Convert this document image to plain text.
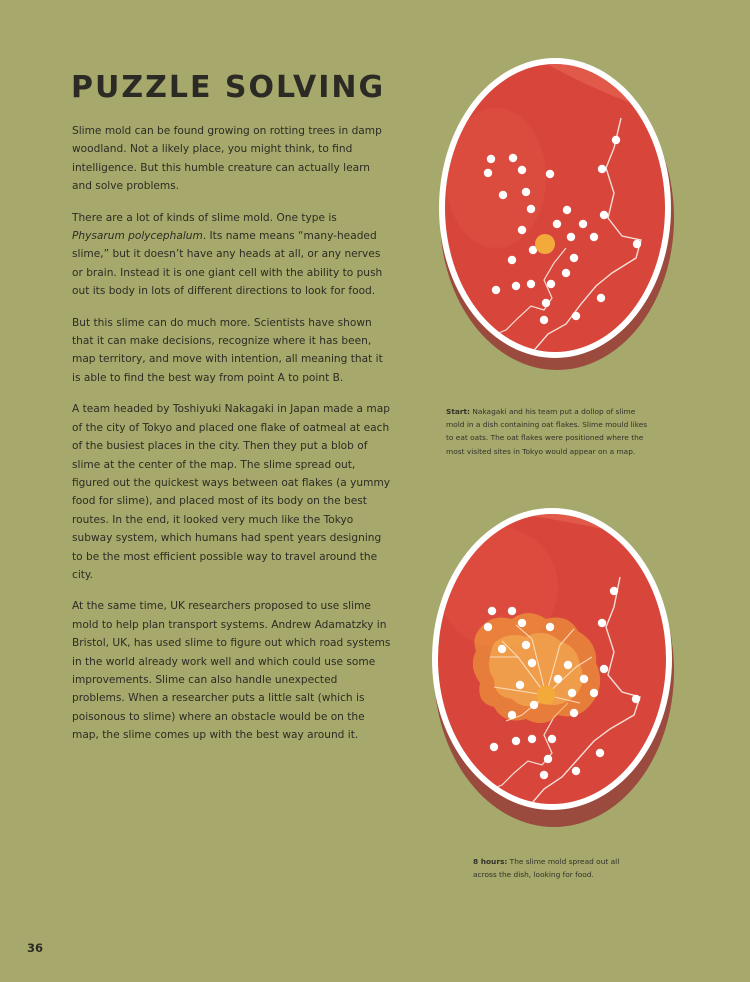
PUZZLE SOLVING

Slime mold can be found growing on rotting trees in damp woodland. Not a likely place, you might think, to find intelligence. But this humble creature can actually learn and solve problems.

There are a lot of kinds of slime mold. One type is Physarum polycephalum. Its name means “many-headed slime,” but it doesn’t have any heads at all, or any nerves or brain. Instead it is one giant cell with the ability to push out its body in lots of different directions to look for food.

But this slime can do much more. Scientists have shown that it can make decisions, recognize where it has been, map territory, and move with intention, all meaning that it is able to find the best way from point A to point B.

A team headed by Toshiyuki Nakagaki in Japan made a map of the city of Tokyo and placed one flake of oatmeal at each of the busiest places in the city. Then they put a blob of slime at the center of the map. The slime spread out, figured out the quickest ways between oat flakes (a yummy food for slime), and placed most of its body on the best routes. In the end, it looked very much like the Tokyo subway system, which humans had spent years designing to be the most efficient possible way to travel around the city.

At the same time, UK researchers proposed to use slime mold to help plan transport systems. Andrew Adamatzky in Bristol, UK, has used slime to figure out which road systems in the world already work well and which could use some improvements. Slime can also handle unexpected problems. When a researcher puts a little salt (which is poisonous to slime) where an obstacle would be on the map, the slime comes up with the best way around it.

Start: Nakagaki and his team put a dollop of slime mold in a dish containing oat flakes. Slime mould likes to eat oats. The oat flakes were positioned where the most visited sites in Tokyo would appear on a map.
8 hours: The slime mold spread out all across the dish, looking for food.
36
